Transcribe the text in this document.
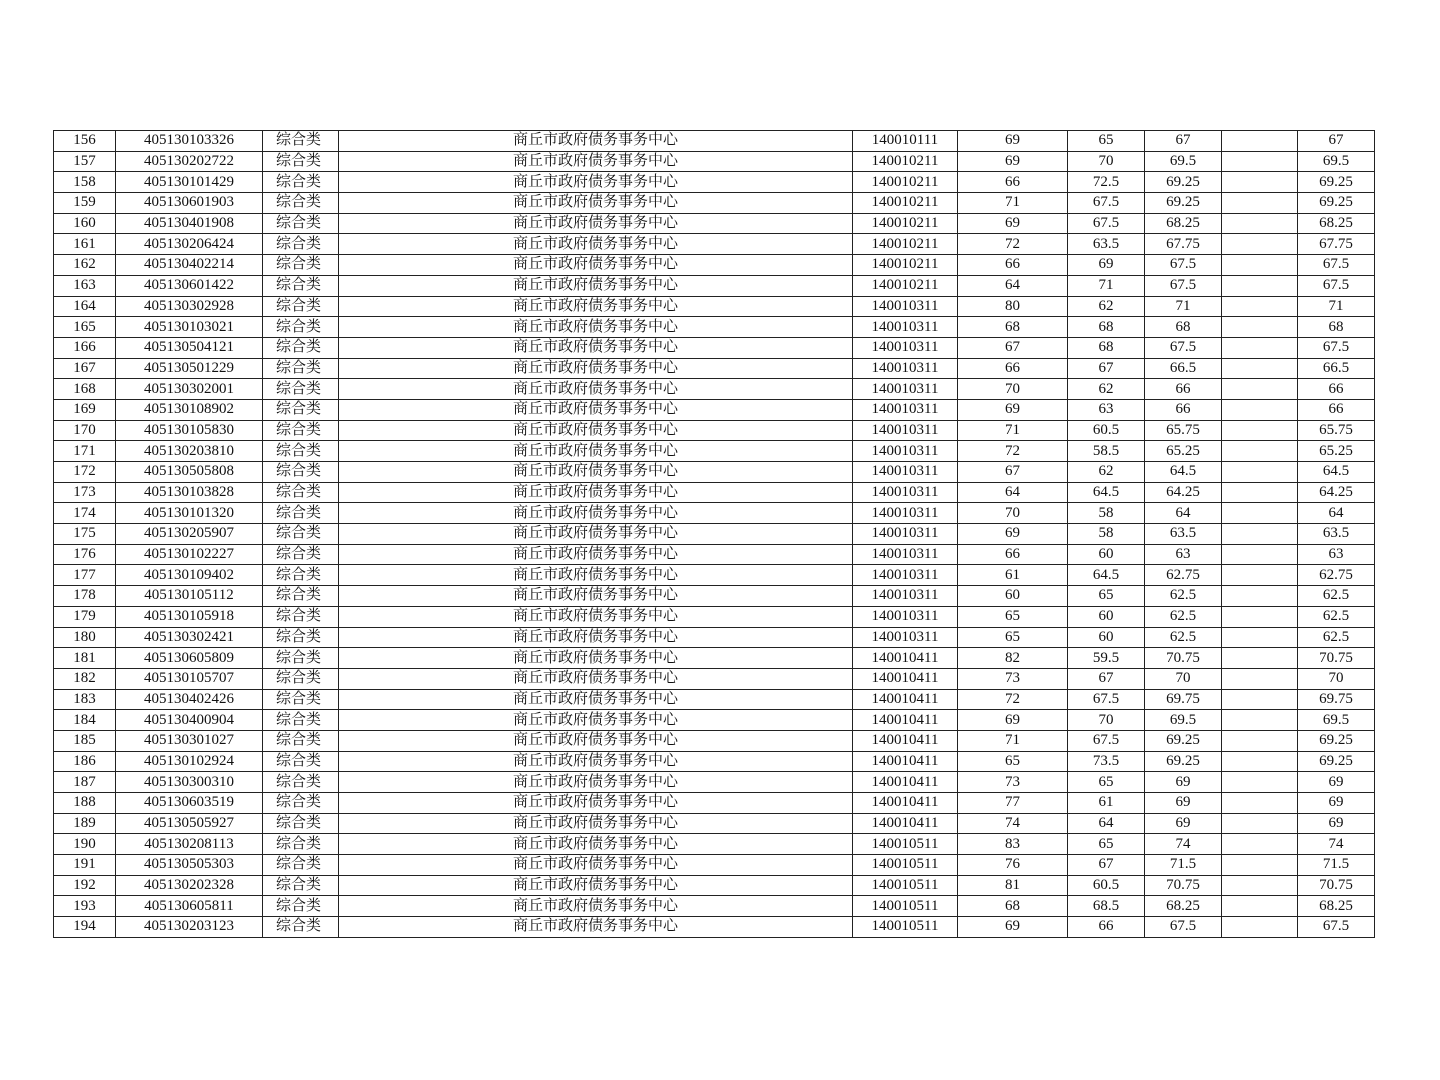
156	405130103326	综合类	商丘市政府债务事务中心	140010111	69	65	67		67
157	405130202722	综合类	商丘市政府债务事务中心	140010211	69	70	69.5		69.5
158	405130101429	综合类	商丘市政府债务事务中心	140010211	66	72.5	69.25		69.25
159	405130601903	综合类	商丘市政府债务事务中心	140010211	71	67.5	69.25		69.25
160	405130401908	综合类	商丘市政府债务事务中心	140010211	69	67.5	68.25		68.25
161	405130206424	综合类	商丘市政府债务事务中心	140010211	72	63.5	67.75		67.75
162	405130402214	综合类	商丘市政府债务事务中心	140010211	66	69	67.5		67.5
163	405130601422	综合类	商丘市政府债务事务中心	140010211	64	71	67.5		67.5
164	405130302928	综合类	商丘市政府债务事务中心	140010311	80	62	71		71
165	405130103021	综合类	商丘市政府债务事务中心	140010311	68	68	68		68
166	405130504121	综合类	商丘市政府债务事务中心	140010311	67	68	67.5		67.5
167	405130501229	综合类	商丘市政府债务事务中心	140010311	66	67	66.5		66.5
168	405130302001	综合类	商丘市政府债务事务中心	140010311	70	62	66		66
169	405130108902	综合类	商丘市政府债务事务中心	140010311	69	63	66		66
170	405130105830	综合类	商丘市政府债务事务中心	140010311	71	60.5	65.75		65.75
171	405130203810	综合类	商丘市政府债务事务中心	140010311	72	58.5	65.25		65.25
172	405130505808	综合类	商丘市政府债务事务中心	140010311	67	62	64.5		64.5
173	405130103828	综合类	商丘市政府债务事务中心	140010311	64	64.5	64.25		64.25
174	405130101320	综合类	商丘市政府债务事务中心	140010311	70	58	64		64
175	405130205907	综合类	商丘市政府债务事务中心	140010311	69	58	63.5		63.5
176	405130102227	综合类	商丘市政府债务事务中心	140010311	66	60	63		63
177	405130109402	综合类	商丘市政府债务事务中心	140010311	61	64.5	62.75		62.75
178	405130105112	综合类	商丘市政府债务事务中心	140010311	60	65	62.5		62.5
179	405130105918	综合类	商丘市政府债务事务中心	140010311	65	60	62.5		62.5
180	405130302421	综合类	商丘市政府债务事务中心	140010311	65	60	62.5		62.5
181	405130605809	综合类	商丘市政府债务事务中心	140010411	82	59.5	70.75		70.75
182	405130105707	综合类	商丘市政府债务事务中心	140010411	73	67	70		70
183	405130402426	综合类	商丘市政府债务事务中心	140010411	72	67.5	69.75		69.75
184	405130400904	综合类	商丘市政府债务事务中心	140010411	69	70	69.5		69.5
185	405130301027	综合类	商丘市政府债务事务中心	140010411	71	67.5	69.25		69.25
186	405130102924	综合类	商丘市政府债务事务中心	140010411	65	73.5	69.25		69.25
187	405130300310	综合类	商丘市政府债务事务中心	140010411	73	65	69		69
188	405130603519	综合类	商丘市政府债务事务中心	140010411	77	61	69		69
189	405130505927	综合类	商丘市政府债务事务中心	140010411	74	64	69		69
190	405130208113	综合类	商丘市政府债务事务中心	140010511	83	65	74		74
191	405130505303	综合类	商丘市政府债务事务中心	140010511	76	67	71.5		71.5
192	405130202328	综合类	商丘市政府债务事务中心	140010511	81	60.5	70.75		70.75
193	405130605811	综合类	商丘市政府债务事务中心	140010511	68	68.5	68.25		68.25
194	405130203123	综合类	商丘市政府债务事务中心	140010511	69	66	67.5		67.5
